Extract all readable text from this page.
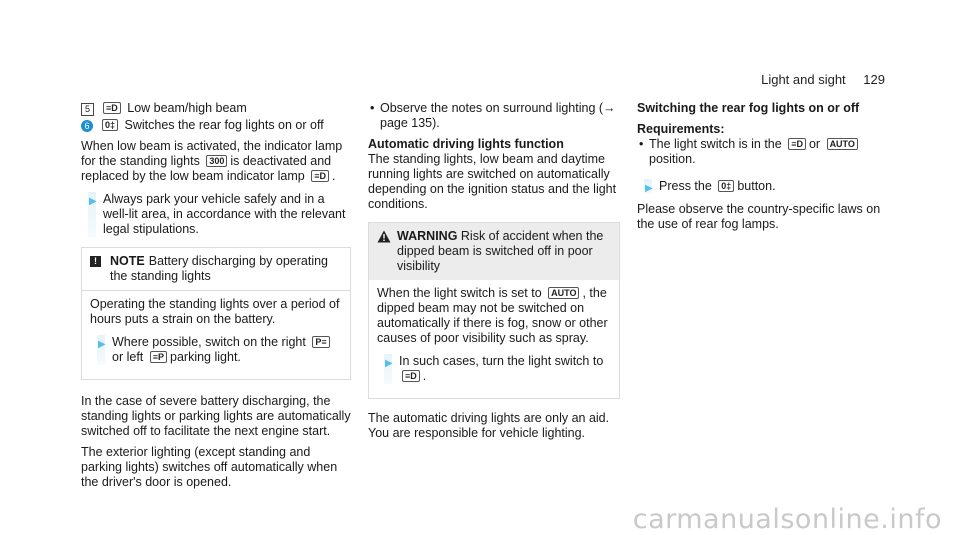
Light and sight 129

5 ≡D Low beam/high beam

6 0‡ Switches the rear fog lights on or off

When low beam is activated, the indicator lamp for the standing lights 300 is deactivated and replaced by the low beam indicator lamp ≡D .

▶ Always park your vehicle safely and in a well-lit area, in accordance with the relevant legal stipulations.
!	NOTE Battery discharging by operating the standing lights

Operating the standing lights over a period of hours puts a strain on the battery.

▶ Where possible, switch on the right P≡or left ≡P parking light.

In the case of severe battery discharging, the standing lights or parking lights are automatically switched off to facilitate the next engine start.

The exterior lighting (except standing and parking lights) switches off automatically when the driver's door is opened.

• Observe the notes on surround lighting (→ page 135).

Automatic driving lights function

The standing lights, low beam and daytime running lights are switched on automatically depending on the ignition status and the light conditions.

WARNING Risk of accident when the dipped beam is switched off in poor visibility

When the light switch is set to AUTO , the dipped beam may not be switched on automatically if there is fog, snow or other causes of poor visibility such as spray.

▶ In such cases, turn the light switch to ≡D .

The automatic driving lights are only an aid. You are responsible for vehicle lighting.

Switching the rear fog lights on or off

Requirements:

• The light switch is in the ≡D or AUTOposition.
▶ Press the 0‡ button.

Please observe the country-specific laws on the use of rear fog lamps.

carmanualsonline.info
